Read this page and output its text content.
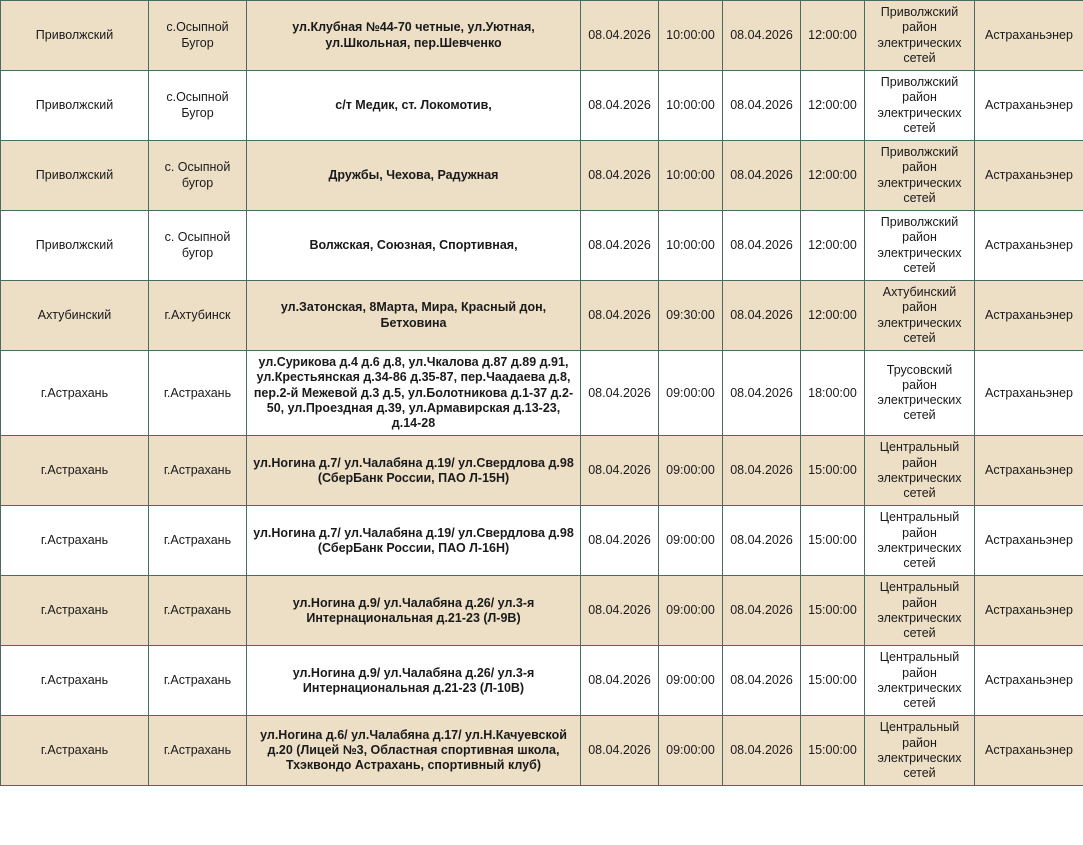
Приволжский	с.Осыпной Бугор	ул.Клубная №44-70 четные, ул.Уютная, ул.Школьная, пер.Шевченко	08.04.2026	10:00:00	08.04.2026	12:00:00	Приволжский район электрических сетей	Астраханьэнер
Приволжский	с.Осыпной Бугор	с/т Медик, ст. Локомотив,	08.04.2026	10:00:00	08.04.2026	12:00:00	Приволжский район электрических сетей	Астраханьэнер
Приволжский	с. Осыпной бугор	Дружбы, Чехова, Радужная	08.04.2026	10:00:00	08.04.2026	12:00:00	Приволжский район электрических сетей	Астраханьэнер
Приволжский	с. Осыпной бугор	Волжская, Союзная, Спортивная,	08.04.2026	10:00:00	08.04.2026	12:00:00	Приволжский район электрических сетей	Астраханьэнер
Ахтубинский	г.Ахтубинск	ул.Затонская, 8Марта, Мира, Красный дон, Бетховина	08.04.2026	09:30:00	08.04.2026	12:00:00	Ахтубинский район электрических сетей	Астраханьэнер
г.Астрахань	г.Астрахань	ул.Сурикова д.4 д.6 д.8, ул.Чкалова д.87 д.89 д.91, ул.Крестьянская д.34-86 д.35-87, пер.Чаадаева д.8, пер.2-й Межевой д.3 д.5, ул.Болотникова д.1-37 д.2-50, ул.Проездная д.39, ул.Армавирская д.13-23, д.14-28	08.04.2026	09:00:00	08.04.2026	18:00:00	Трусовский район электрических сетей	Астраханьэнер
г.Астрахань	г.Астрахань	ул.Ногина д.7/ ул.Чалабяна д.19/ ул.Свердлова д.98 (СберБанк России, ПАО Л-15Н)	08.04.2026	09:00:00	08.04.2026	15:00:00	Центральный район электрических сетей	Астраханьэнер
г.Астрахань	г.Астрахань	ул.Ногина д.7/ ул.Чалабяна д.19/ ул.Свердлова д.98 (СберБанк России, ПАО Л-16Н)	08.04.2026	09:00:00	08.04.2026	15:00:00	Центральный район электрических сетей	Астраханьэнер
г.Астрахань	г.Астрахань	ул.Ногина д.9/ ул.Чалабяна д.26/ ул.3-я Интернациональная д.21-23 (Л-9В)	08.04.2026	09:00:00	08.04.2026	15:00:00	Центральный район электрических сетей	Астраханьэнер
г.Астрахань	г.Астрахань	ул.Ногина д.9/ ул.Чалабяна д.26/ ул.3-я Интернациональная д.21-23 (Л-10В)	08.04.2026	09:00:00	08.04.2026	15:00:00	Центральный район электрических сетей	Астраханьэнер
г.Астрахань	г.Астрахань	ул.Ногина д.6/ ул.Чалабяна д.17/ ул.Н.Качуевской д.20 (Лицей №3, Областная спортивная школа, Тхэквондо Астрахань, спортивный клуб)	08.04.2026	09:00:00	08.04.2026	15:00:00	Центральный район электрических сетей	Астраханьэнер
